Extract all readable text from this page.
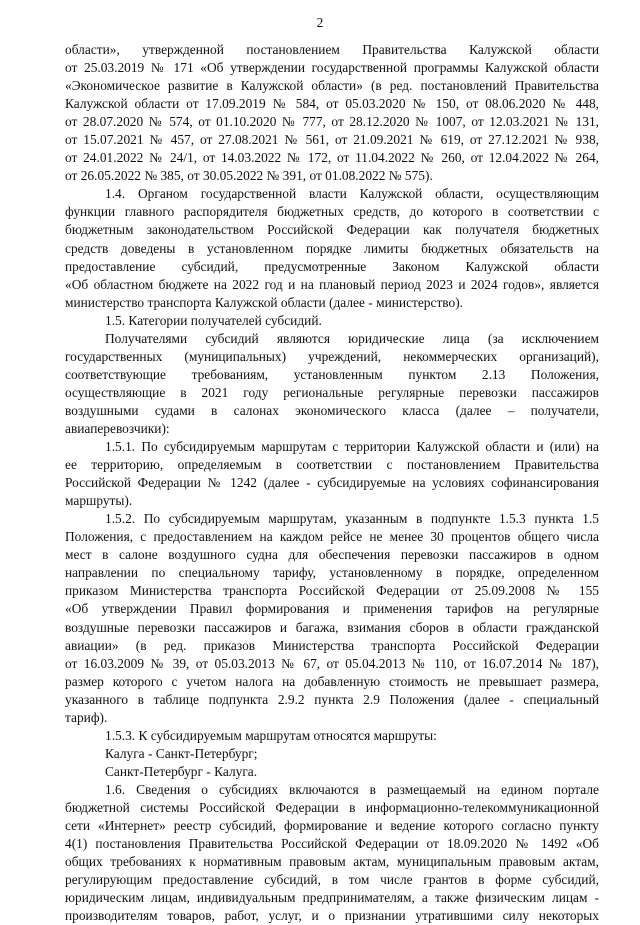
2
области», утвержденной постановлением Правительства Калужской области
от 25.03.2019 № 171 «Об утверждении государственной программы Калужской области
«Экономическое развитие в Калужской области» (в ред. постановлений Правительства
Калужской области от 17.09.2019 № 584, от 05.03.2020 № 150, от 08.06.2020 № 448,
от 28.07.2020 № 574, от 01.10.2020 № 777, от 28.12.2020 № 1007, от 12.03.2021 № 131,
от 15.07.2021 № 457, от 27.08.2021 № 561, от 21.09.2021 № 619, от 27.12.2021 № 938,
от 24.01.2022 № 24/1, от 14.03.2022 № 172, от 11.04.2022 № 260, от 12.04.2022 № 264,
от 26.05.2022 № 385, от 30.05.2022 № 391, от 01.08.2022 № 575).
1.4. Органом государственной власти Калужской области, осуществляющим
функции главного распорядителя бюджетных средств, до которого в соответствии с
бюджетным законодательством Российской Федерации как получателя бюджетных
средств доведены в установленном порядке лимиты бюджетных обязательств на
предоставление субсидий, предусмотренные Законом Калужской области
«Об областном бюджете на 2022 год и на плановый период 2023 и 2024 годов», является
министерство транспорта Калужской области (далее - министерство).
1.5. Категории получателей субсидий.
Получателями субсидий являются юридические лица (за исключением
государственных (муниципальных) учреждений, некоммерческих организаций),
соответствующие требованиям, установленным пунктом 2.13 Положения,
осуществляющие в 2021 году региональные регулярные перевозки пассажиров
воздушными судами в салонах экономического класса (далее – получатели,
авиаперевозчики):
1.5.1. По субсидируемым маршрутам с территории Калужской области и (или) на
ее территорию, определяемым в соответствии с постановлением Правительства
Российской Федерации № 1242 (далее - субсидируемые на условиях софинансирования
маршруты).
1.5.2. По субсидируемым маршрутам, указанным в подпункте 1.5.3 пункта 1.5
Положения, с предоставлением на каждом рейсе не менее 30 процентов общего числа
мест в салоне воздушного судна для обеспечения перевозки пассажиров в одном
направлении по специальному тарифу, установленному в порядке, определенном
приказом Министерства транспорта Российской Федерации от 25.09.2008 № 155
«Об утверждении Правил формирования и применения тарифов на регулярные
воздушные перевозки пассажиров и багажа, взимания сборов в области гражданской
авиации» (в ред. приказов Министерства транспорта Российской Федерации
от 16.03.2009 № 39, от 05.03.2013 № 67, от 05.04.2013 № 110, от 16.07.2014 № 187),
размер которого с учетом налога на добавленную стоимость не превышает размера,
указанного в таблице подпункта 2.9.2 пункта 2.9 Положения (далее - специальный
тариф).
1.5.3. К субсидируемым маршрутам относятся маршруты:
Калуга - Санкт-Петербург;
Санкт-Петербург - Калуга.
1.6. Сведения о субсидиях включаются в размещаемый на едином портале
бюджетной системы Российской Федерации в информационно-телекоммуникационной
сети «Интернет» реестр субсидий, формирование и ведение которого согласно пункту
4(1) постановления Правительства Российской Федерации от 18.09.2020 № 1492 «Об
общих требованиях к нормативным правовым актам, муниципальным правовым актам,
регулирующим предоставление субсидий, в том числе грантов в форме субсидий,
юридическим лицам, индивидуальным предпринимателям, а также физическим лицам -
производителям товаров, работ, услуг, и о признании утратившими силу некоторых
